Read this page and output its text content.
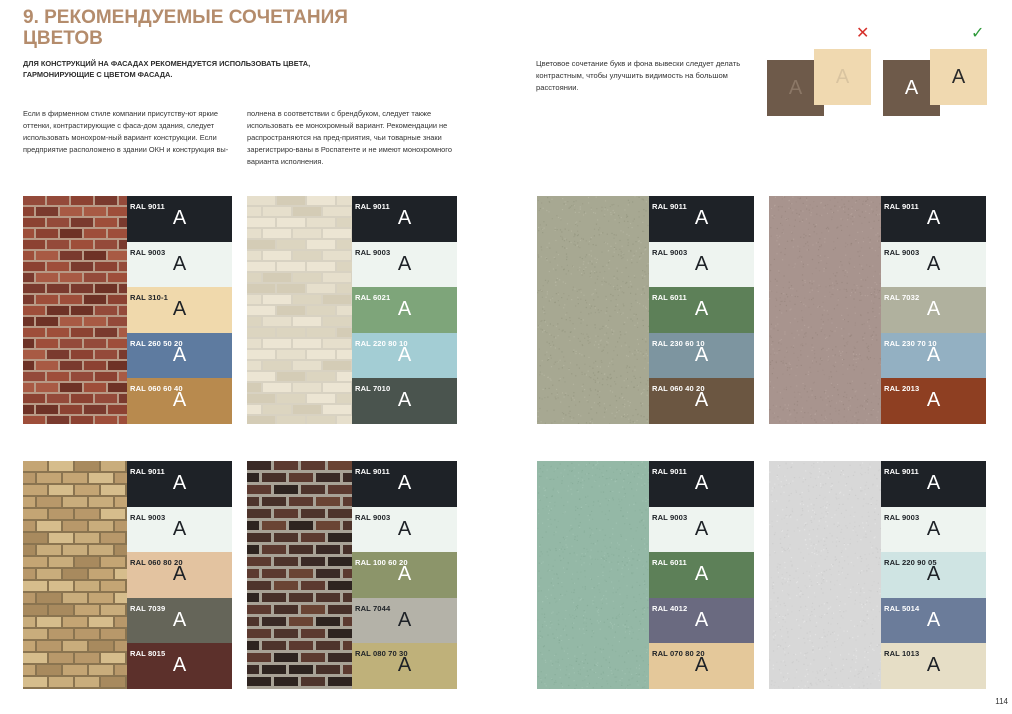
9. РЕКОМЕНДУЕМЫЕ СОЧЕТАНИЯ ЦВЕТОВ
ДЛЯ КОНСТРУКЦИЙ НА ФАСАДАХ РЕКОМЕНДУЕТСЯ ИСПОЛЬЗОВАТЬ ЦВЕТА, ГАРМОНИРУЮЩИЕ С ЦВЕТОМ ФАСАДА.
Если в фирменном стиле компании присутству-ют яркие оттенки, контрастирующие с фаса-дом здания, следует использовать монохром-ный вариант конструкции. Если предприятие расположено в здании ОКН и конструкция вы-
полнена в соответствии с брендбуком, следует также использовать ее монохромный вариант. Рекомендации не распространяются на пред-приятия, чьи товарные знаки зарегистриро-ваны в Роспатенте и не имеют монохромного варианта исполнения.
Цветовое сочетание букв и фона вывески следует делать контрастным, чтобы улучшить видимость на большом расстоянии.
✕
A A
✓
A A
RAL 9011
A
RAL 9003
A
RAL 310-1
A
RAL 260 50 20
A
RAL 060 60 40
A
RAL 9011
A
RAL 9003
A
RAL 6021
A
RAL 220 80 10
A
RAL 7010
A
RAL 9011
A
RAL 9003
A
RAL 6011
A
RAL 230 60 10
A
RAL 060 40 20
A
RAL 9011
A
RAL 9003
A
RAL 7032
A
RAL 230 70 10
A
RAL 2013
A
RAL 9011
A
RAL 9003
A
RAL 060 80 20
A
RAL 7039
A
RAL 8015
A
RAL 9011
A
RAL 9003
A
RAL 100 60 20
A
RAL 7044
A
RAL 080 70 30
A
RAL 9011
A
RAL 9003
A
RAL 6011
A
RAL 4012
A
RAL 070 80 20
A
RAL 9011
A
RAL 9003
A
RAL 220 90 05
A
RAL 5014
A
RAL 1013
A
114
